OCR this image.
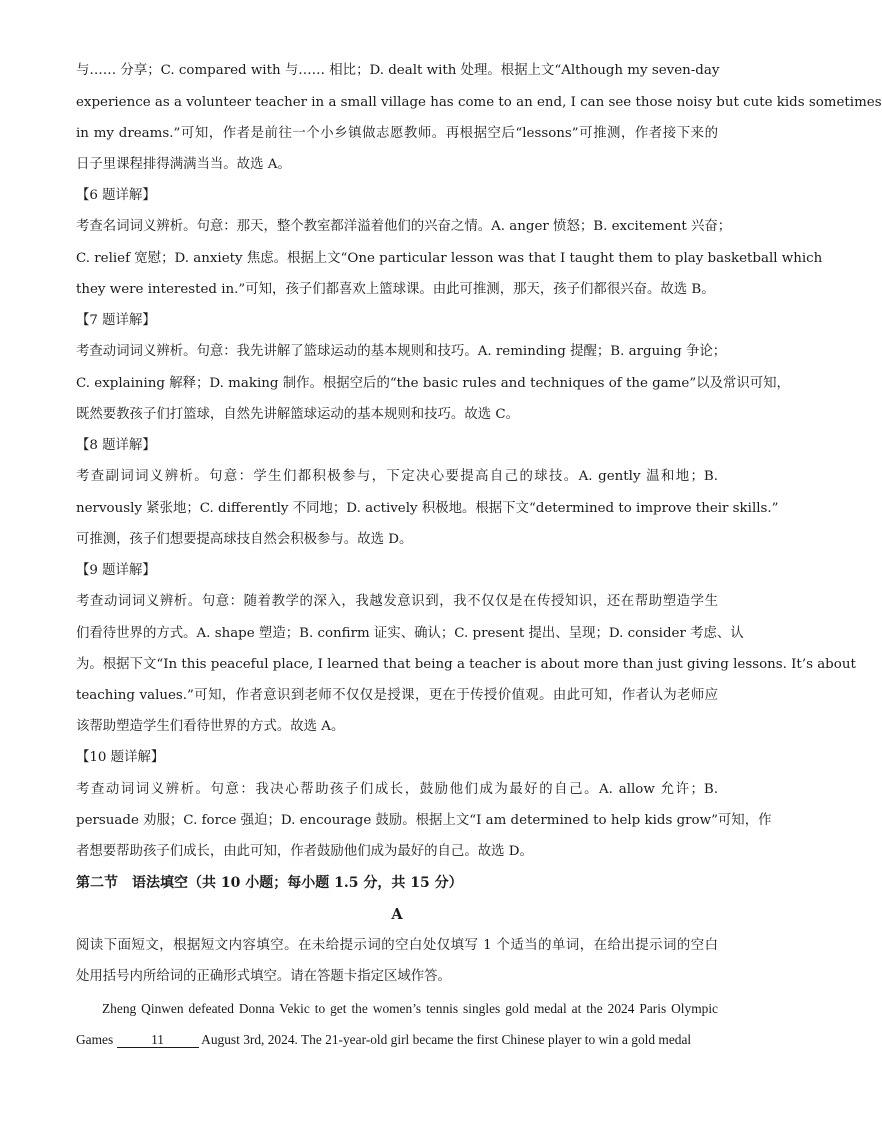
与…… 分享；C. compared with 与…… 相比；D. dealt with 处理。根据上文“Although my seven-day
experience as a volunteer teacher in a small village has come to an end, I can see those noisy but cute kids sometimes
in my dreams.”可知，作者是前往一个小乡镇做志愿教师。再根据空后“lessons”可推测，作者接下来的
日子里课程排得满满当当。故选 A。
【6 题详解】
考查名词词义辨析。句意：那天，整个教室都洋溢着他们的兴奋之情。A. anger 愤怒；B. excitement 兴奋；
C. relief 宽慰；D. anxiety 焦虑。根据上文“One particular lesson was that I taught them to play basketball which
they were interested in.”可知，孩子们都喜欢上篮球课。由此可推测，那天，孩子们都很兴奋。故选 B。
【7 题详解】
考查动词词义辨析。句意：我先讲解了篮球运动的基本规则和技巧。A. reminding 提醒；B. arguing 争论；
C. explaining 解释；D. making 制作。根据空后的“the basic rules and techniques of the game”以及常识可知，
既然要教孩子们打篮球，自然先讲解篮球运动的基本规则和技巧。故选 C。
【8 题详解】
考查副词词义辨析。句意：学生们都积极参与，下定决心要提高自己的球技。A. gently 温和地；B.
nervously 紧张地；C. differently 不同地；D. actively 积极地。根据下文“determined to improve their skills.”
可推测，孩子们想要提高球技自然会积极参与。故选 D。
【9 题详解】
考查动词词义辨析。句意：随着教学的深入，我越发意识到，我不仅仅是在传授知识，还在帮助塑造学生
们看待世界的方式。A. shape 塑造；B. confirm 证实、确认；C. present 提出、呈现；D. consider 考虑、认
为。根据下文“In this peaceful place, I learned that being a teacher is about more than just giving lessons. It’s about
teaching values.”可知，作者意识到老师不仅仅是授课，更在于传授价值观。由此可知，作者认为老师应
该帮助塑造学生们看待世界的方式。故选 A。
【10 题详解】
考查动词词义辨析。句意：我决心帮助孩子们成长，鼓励他们成为最好的自己。A. allow 允许；B.
persuade 劝服；C. force 强迫；D. encourage 鼓励。根据上文“I am determined to help kids grow”可知，作
者想要帮助孩子们成长，由此可知，作者鼓励他们成为最好的自己。故选 D。
第二节　语法填空（共 10 小题；每小题 1.5 分，共 15 分）
A
阅读下面短文，根据短文内容填空。在未给提示词的空白处仅填写 1 个适当的单词，在给出提示词的空白
处用括号内所给词的正确形式填空。请在答题卡指定区域作答。
Zheng Qinwen defeated Donna Vekic to get the women’s tennis singles gold medal at the 2024 Paris Olympic
Games	11	August 3rd, 2024. The 21-year-old girl became the first Chinese player to win a gold medal
